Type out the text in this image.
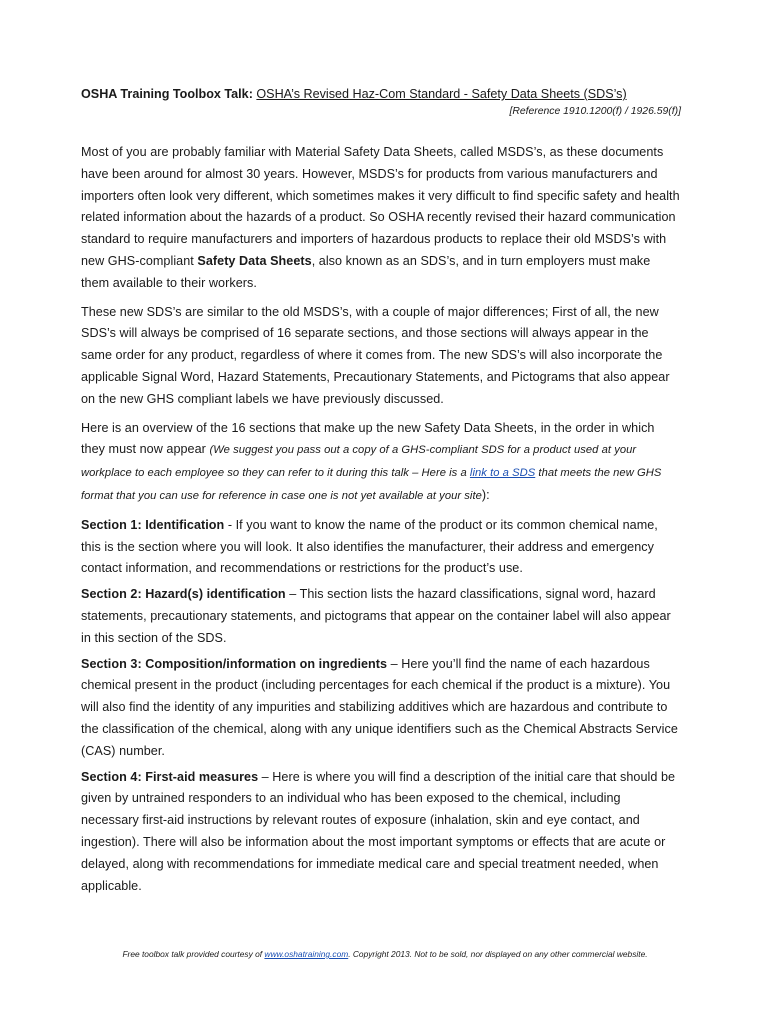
OSHA Training Toolbox Talk: OSHA’s Revised Haz-Com Standard - Safety Data Sheets (SDS’s)
[Reference 1910.1200(f) / 1926.59(f)]

Most of you are probably familiar with Material Safety Data Sheets, called MSDS’s, as these documents have been around for almost 30 years. However, MSDS’s for products from various manufacturers and importers often look very different, which sometimes makes it very difficult to find specific safety and health related information about the hazards of a product. So OSHA recently revised their hazard communication standard to require manufacturers and importers of hazardous products to replace their old MSDS’s with new GHS-compliant Safety Data Sheets, also known as an SDS’s, and in turn employers must make them available to their workers.

These new SDS’s are similar to the old MSDS’s, with a couple of major differences; First of all, the new SDS’s will always be comprised of 16 separate sections, and those sections will always appear in the same order for any product, regardless of where it comes from. The new SDS’s will also incorporate the applicable Signal Word, Hazard Statements, Precautionary Statements, and Pictograms that also appear on the new GHS compliant labels we have previously discussed.

Here is an overview of the 16 sections that make up the new Safety Data Sheets, in the order in which they must now appear (We suggest you pass out a copy of a GHS-compliant SDS for a product used at your workplace to each employee so they can refer to it during this talk – Here is a link to a SDS that meets the new GHS format that you can use for reference in case one is not yet available at your site):

Section 1: Identification - If you want to know the name of the product or its common chemical name, this is the section where you will look. It also identifies the manufacturer, their address and emergency contact information, and recommendations or restrictions for the product’s use.

Section 2: Hazard(s) identification – This section lists the hazard classifications, signal word, hazard statements, precautionary statements, and pictograms that appear on the container label will also appear in this section of the SDS.

Section 3: Composition/information on ingredients – Here you’ll find the name of each hazardous chemical present in the product (including percentages for each chemical if the product is a mixture). You will also find the identity of any impurities and stabilizing additives which are hazardous and contribute to the classification of the chemical, along with any unique identifiers such as the Chemical Abstracts Service (CAS) number.

Section 4: First-aid measures – Here is where you will find a description of the initial care that should be given by untrained responders to an individual who has been exposed to the chemical, including necessary first-aid instructions by relevant routes of exposure (inhalation, skin and eye contact, and ingestion). There will also be information about the most important symptoms or effects that are acute or delayed, along with recommendations for immediate medical care and special treatment needed, when applicable.

Free toolbox talk provided courtesy of www.oshatraining.com. Copyright 2013. Not to be sold, nor displayed on any other commercial website.
